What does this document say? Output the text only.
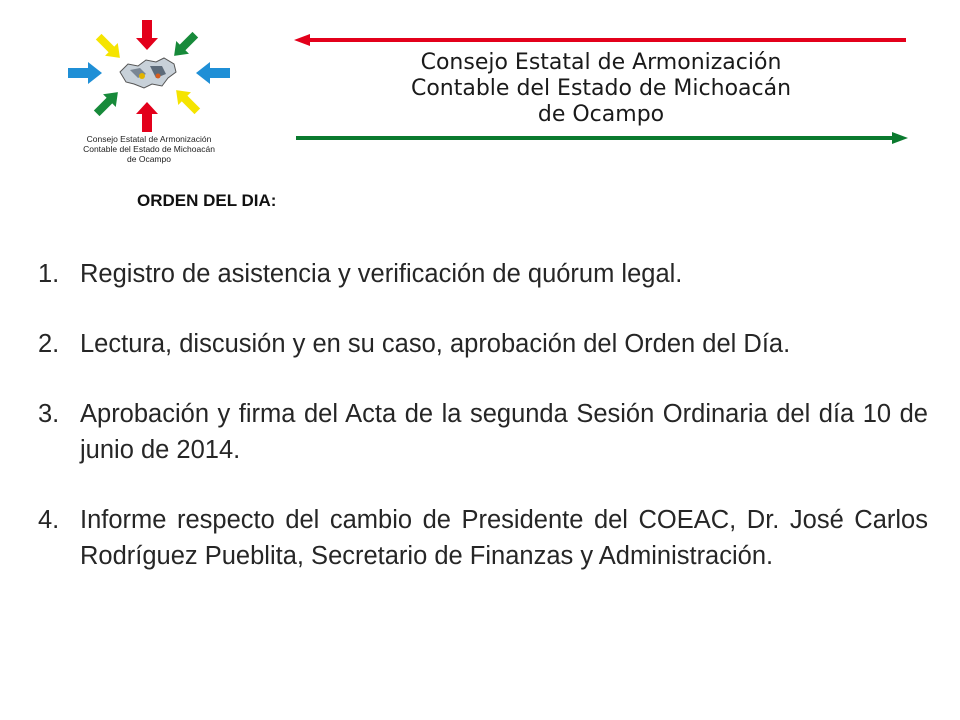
Consejo Estatal de Armonización
Contable del Estado de Michoacán
de Ocampo
Consejo Estatal de Armonización
Contable del Estado de Michoacán
de Ocampo
ORDEN DEL DIA:
1. Registro de asistencia y verificación de quórum legal.
2. Lectura, discusión y en su caso, aprobación del Orden del Día.
3. Aprobación y firma del Acta de la segunda Sesión Ordinaria del día 10 de junio de 2014.
4. Informe respecto del cambio de Presidente del COEAC, Dr. José Carlos Rodríguez Pueblita, Secretario de Finanzas y Administración.
